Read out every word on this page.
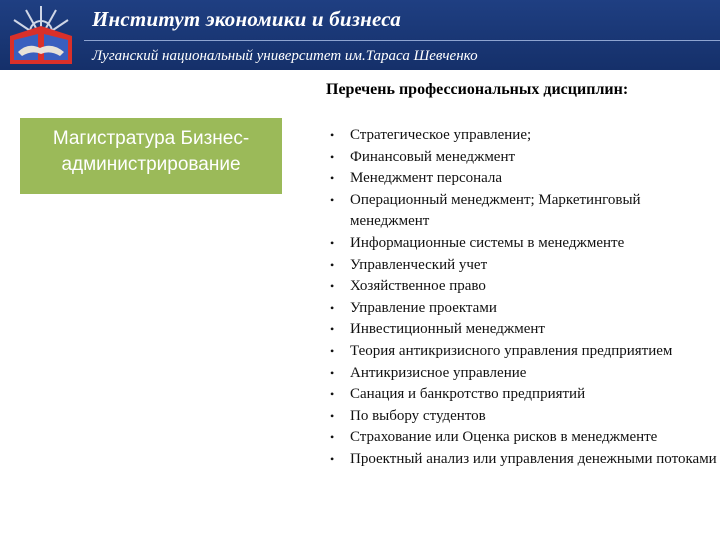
Институт экономики и бизнеса
Луганский национальный университет им.Тараса Шевченко
Перечень профессиональных дисциплин:
Магистратура Бизнес-администрирование
•	Стратегическое управление;
•	Финансовый менеджмент
•	Менеджмент персонала
•	Операционный менеджмент; Маркетинговый менеджмент
•	Информационные системы в менеджменте
•	Управленческий учет
•	Хозяйственное право
•	Управление проектами
•	Инвестиционный менеджмент
•	Теория антикризисного управления предприятием
•	Антикризисное управление
•	Санация и банкротство предприятий
•	По выбору студентов
•	Страхование или Оценка рисков в менеджменте
•	Проектный анализ или управления денежными потоками
